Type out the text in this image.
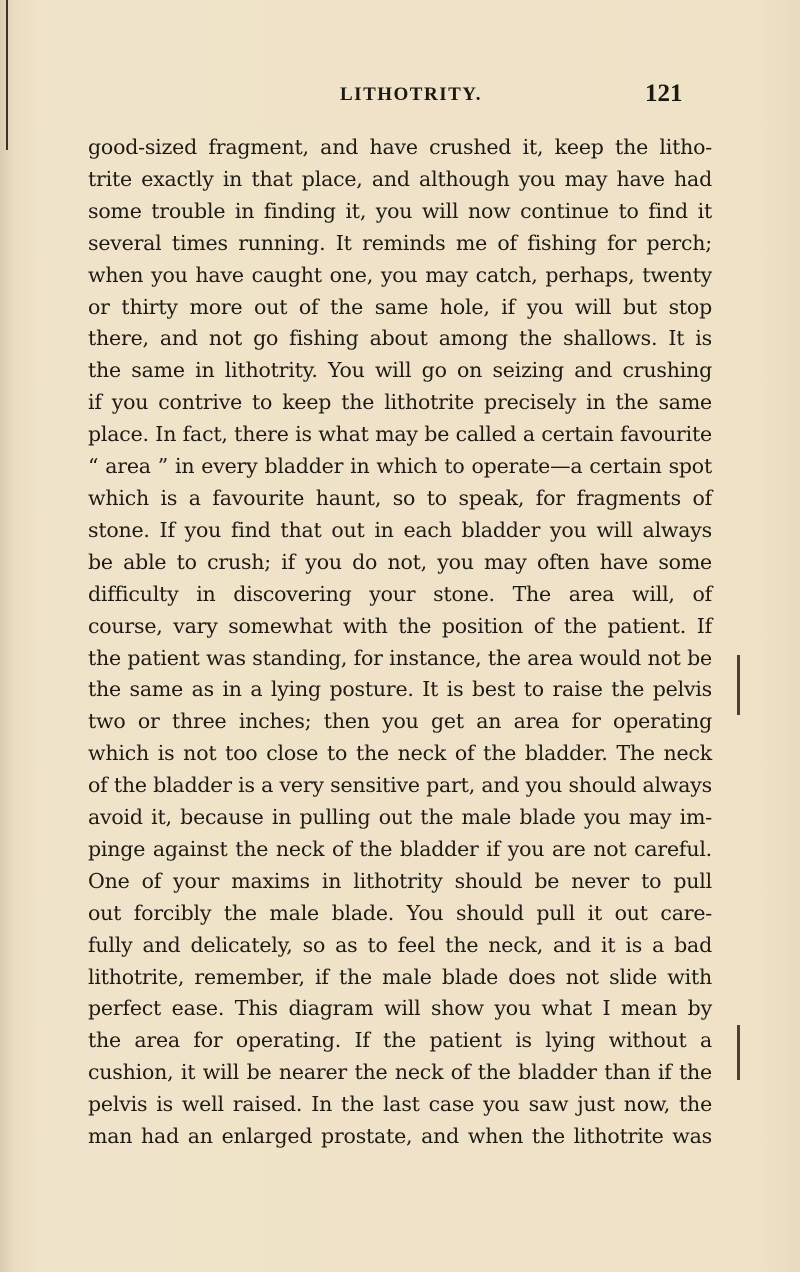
LITHOTRITY.	121
good-sized fragment, and have crushed it, keep the litho-
trite exactly in that place, and although you may have had
some trouble in finding it, you will now continue to find it
several times running. It reminds me of fishing for perch;
when you have caught one, you may catch, perhaps, twenty
or thirty more out of the same hole, if you will but stop
there, and not go fishing about among the shallows. It is
the same in lithotrity. You will go on seizing and crushing
if you contrive to keep the lithotrite precisely in the same
place. In fact, there is what may be called a certain favourite
“ area ” in every bladder in which to operate—a certain spot
which is a favourite haunt, so to speak, for fragments of
stone. If you find that out in each bladder you will always
be able to crush; if you do not, you may often have some
difficulty in discovering your stone. The area will, of
course, vary somewhat with the position of the patient. If
the patient was standing, for instance, the area would not be
the same as in a lying posture. It is best to raise the pelvis
two or three inches; then you get an area for operating
which is not too close to the neck of the bladder. The neck
of the bladder is a very sensitive part, and you should always
avoid it, because in pulling out the male blade you may im-
pinge against the neck of the bladder if you are not careful.
One of your maxims in lithotrity should be never to pull
out forcibly the male blade. You should pull it out care-
fully and delicately, so as to feel the neck, and it is a bad
lithotrite, remember, if the male blade does not slide with
perfect ease. This diagram will show you what I mean by
the area for operating. If the patient is lying without a
cushion, it will be nearer the neck of the bladder than if the
pelvis is well raised. In the last case you saw just now, the
man had an enlarged prostate, and when the lithotrite was
